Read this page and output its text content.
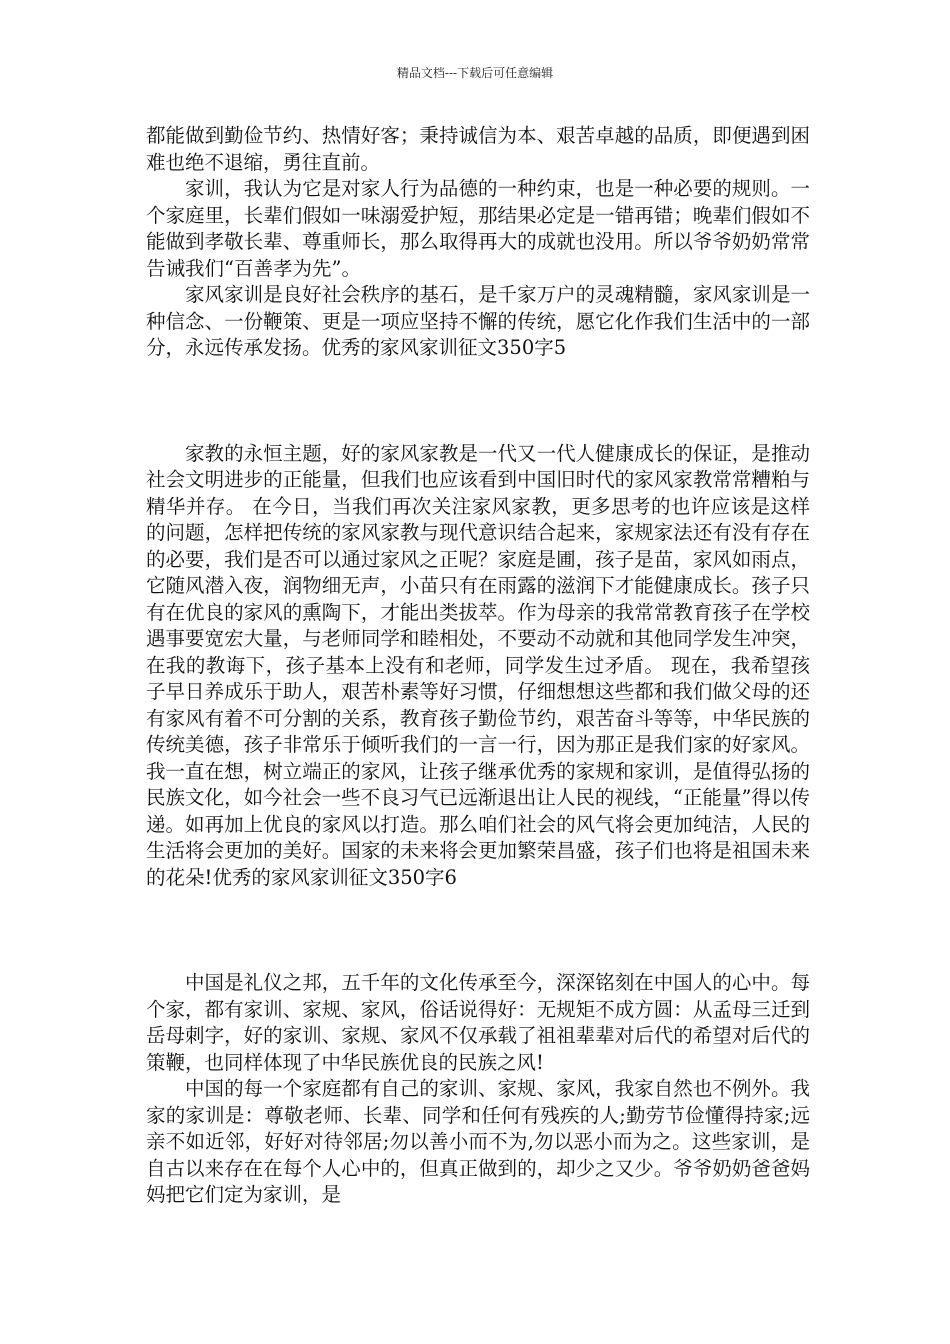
精品文档---下载后可任意编辑

都能做到勤俭节约、热情好客；秉持诚信为本、艰苦卓越的品质，即便遇到困难也绝不退缩，勇往直前。

家训，我认为它是对家人行为品德的一种约束，也是一种必要的规则。一个家庭里，长辈们假如一味溺爱护短，那结果必定是一错再错；晚辈们假如不能做到孝敬长辈、尊重师长，那么取得再大的成就也没用。所以爷爷奶奶常常告诫我们“百善孝为先”。

家风家训是良好社会秩序的基石，是千家万户的灵魂精髓，家风家训是一种信念、一份鞭策、更是一项应坚持不懈的传统，愿它化作我们生活中的一部分，永远传承发扬。优秀的家风家训征文350字5

家教的永恒主题，好的家风家教是一代又一代人健康成长的保证，是推动社会文明进步的正能量，但我们也应该看到中国旧时代的家风家教常常糟粕与精华并存。 在今日，当我们再次关注家风家教，更多思考的也许应该是这样的问题，怎样把传统的家风家教与现代意识结合起来，家规家法还有没有存在的必要，我们是否可以通过家风之正呢？家庭是圃，孩子是苗，家风如雨点，它随风潜入夜，润物细无声，小苗只有在雨露的滋润下才能健康成长。孩子只有在优良的家风的熏陶下，才能出类拔萃。作为母亲的我常常教育孩子在学校遇事要宽宏大量，与老师同学和睦相处，不要动不动就和其他同学发生冲突，在我的教诲下，孩子基本上没有和老师，同学发生过矛盾。 现在，我希望孩子早日养成乐于助人，艰苦朴素等好习惯，仔细想想这些都和我们做父母的还有家风有着不可分割的关系，教育孩子勤俭节约，艰苦奋斗等等，中华民族的传统美德，孩子非常乐于倾听我们的一言一行，因为那正是我们家的好家风。我一直在想，树立端正的家风，让孩子继承优秀的家规和家训，是值得弘扬的民族文化，如今社会一些不良习气已远渐退出让人民的视线，“正能量”得以传递。如再加上优良的家风以打造。那么咱们社会的风气将会更加纯洁，人民的生活将会更加的美好。国家的未来将会更加繁荣昌盛，孩子们也将是祖国未来的花朵!优秀的家风家训征文350字6

中国是礼仪之邦，五千年的文化传承至今，深深铭刻在中国人的心中。每个家，都有家训、家规、家风，俗话说得好：无规矩不成方圆：从孟母三迁到岳母刺字，好的家训、家规、家风不仅承载了祖祖辈辈对后代的希望对后代的策鞭，也同样体现了中华民族优良的民族之风!

中国的每一个家庭都有自己的家训、家规、家风，我家自然也不例外。我家的家训是：尊敬老师、长辈、同学和任何有残疾的人;勤劳节俭懂得持家;远亲不如近邻，好好对待邻居;勿以善小而不为,勿以恶小而为之。这些家训，是自古以来存在在每个人心中的，但真正做到的，却少之又少。爷爷奶奶爸爸妈妈把它们定为家训，是
